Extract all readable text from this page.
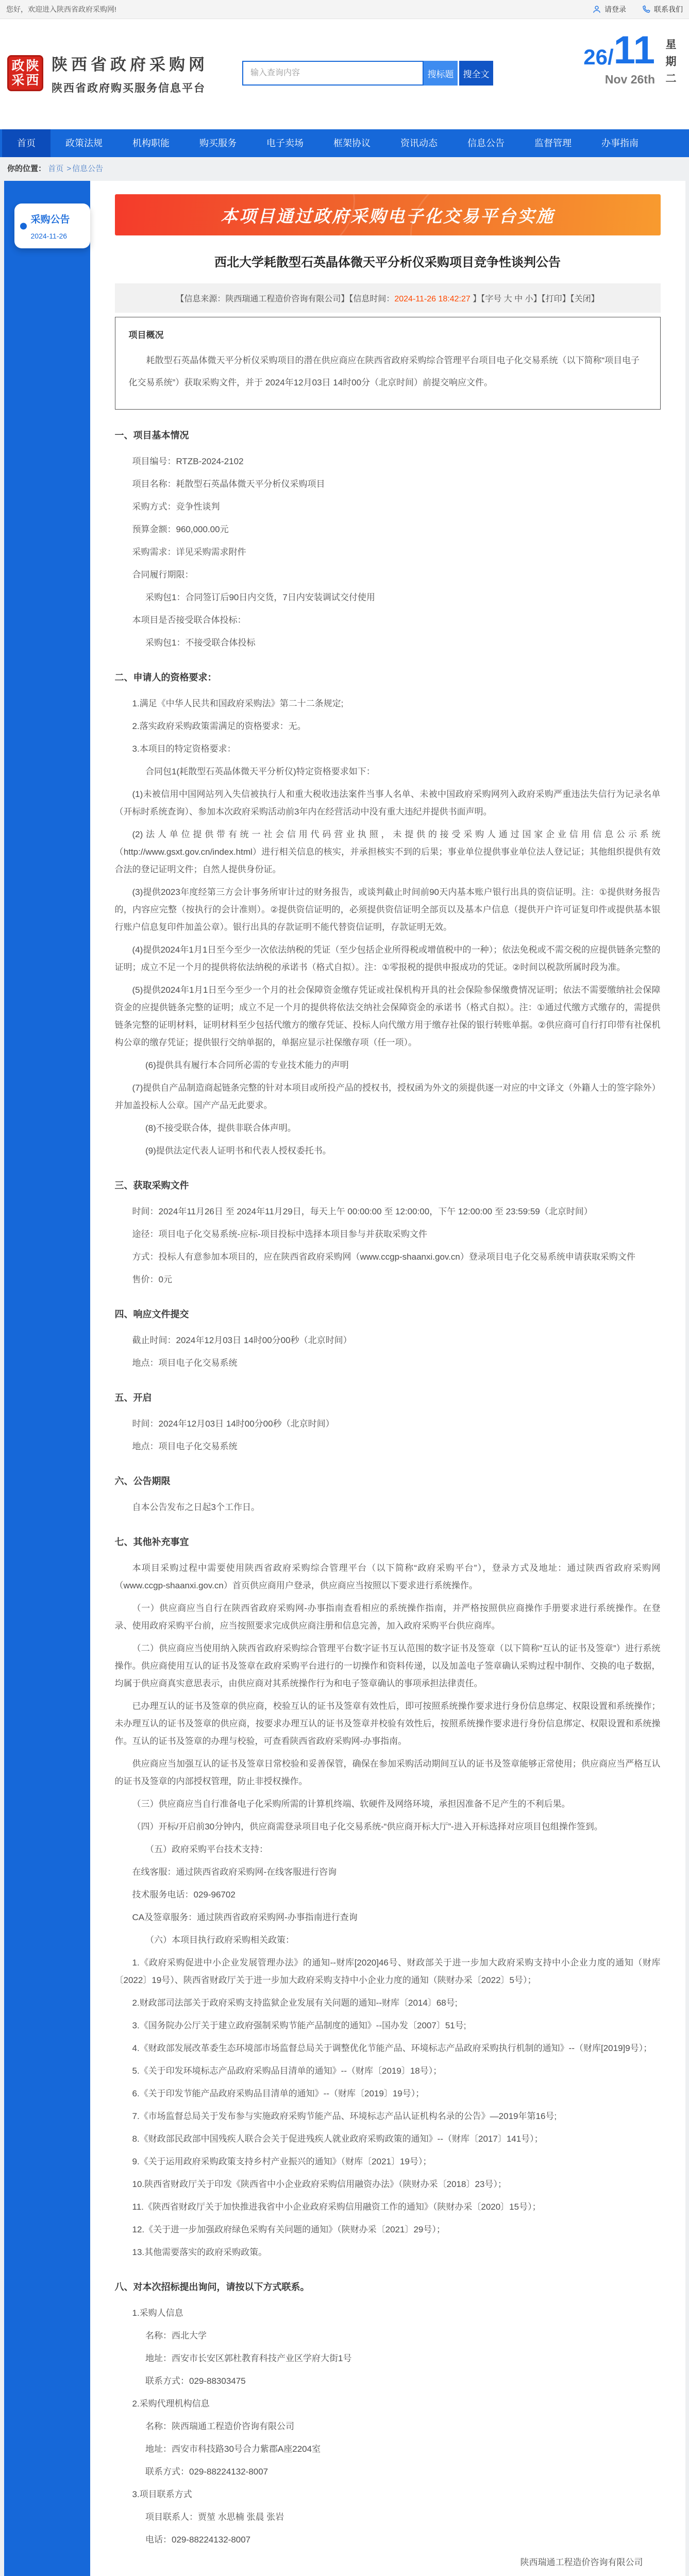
您好，欢迎进入陕西省政府采购网!	请登录	联系我们
政 陕
采 西
陕西省政府采购网
陕西省政府购买服务信息平台
输入查询内容
搜标题	搜全文
26 / 11
Nov 26th 星期二
首页	政策法规	机构职能	购买服务	电子卖场	框架协议	资讯动态	信息公告	监督管理	办事指南
你的位置： 首页 > 信息公告
采购公告
2024-11-26
本项目通过政府采购电子化交易平台实施
西北大学耗散型石英晶体微天平分析仪采购项目竞争性谈判公告
【信息来源：陕西瑞通工程造价咨询有限公司】【信息时间：2024-11-26 18:42:27 】【字号 大 中 小】【打印】【关闭】
项目概况

耗散型石英晶体微天平分析仪采购项目的潜在供应商应在陕西省政府采购综合管理平台项目电子化交易系统（以下简称“项目电子化交易系统”）获取采购文件，并于 2024年12月03日 14时00分（北京时间）前提交响应文件。

一、项目基本情况

项目编号：RTZB-2024-2102

项目名称：耗散型石英晶体微天平分析仪采购项目

采购方式：竞争性谈判

预算金额：960,000.00元

采购需求：详见采购需求附件

合同履行期限：

采购包1：合同签订后90日内交货，7日内安装调试交付使用

本项目是否接受联合体投标：

采购包1：不接受联合体投标

二、申请人的资格要求：

1.满足《中华人民共和国政府采购法》第二十二条规定;

2.落实政府采购政策需满足的资格要求：无。

3.本项目的特定资格要求：

合同包1(耗散型石英晶体微天平分析仪)特定资格要求如下：

(1)未被信用中国网站列入失信被执行人和重大税收违法案件当事人名单、未被中国政府采购网列入政府采购严重违法失信行为记录名单（开标时系统查询）、参加本次政府采购活动前3年内在经营活动中没有重大违纪并提供书面声明。

(2)法人单位提供带有统一社会信用代码营业执照，未提供的接受采购人通过国家企业信用信息公示系统（http://www.gsxt.gov.cn/index.html）进行相关信息的核实，并承担核实不到的后果；事业单位提供事业单位法人登记证；其他组织提供有效合法的登记证明文件；自然人提供身份证。

(3)提供2023年度经第三方会计事务所审计过的财务报告，或谈判截止时间前90天内基本账户银行出具的资信证明。注：①提供财务报告的，内容应完整（按执行的会计准则）。②提供资信证明的，必须提供资信证明全部页以及基本户信息（提供开户许可证复印件或提供基本银行账户信息复印件加盖公章）。银行出具的存款证明不能代替资信证明，存款证明无效。

(4)提供2024年1月1日至今至少一次依法纳税的凭证（至少包括企业所得税或增值税中的一种）；依法免税或不需交税的应提供链条完整的证明；成立不足一个月的提供将依法纳税的承诺书（格式自拟）。注：①零报税的提供申报成功的凭证。②时间以税款所属时段为准。

(5)提供2024年1月1日至今至少一个月的社会保障资金缴存凭证或社保机构开具的社会保险参保缴费情况证明；依法不需要缴纳社会保障资金的应提供链条完整的证明；成立不足一个月的提供将依法交纳社会保障资金的承诺书（格式自拟）。注：①通过代缴方式缴存的，需提供链条完整的证明材料，证明材料至少包括代缴方的缴存凭证、投标人向代缴方用于缴存社保的银行转账单据。②供应商可自行打印带有社保机构公章的缴存凭证；提供银行交纳单据的，单据应显示社保缴存项（任一项）。

(6)提供具有履行本合同所必需的专业技术能力的声明

(7)提供自产品制造商起链条完整的针对本项目或所投产品的授权书，授权函为外文的须提供逐一对应的中文译文（外籍人士的签字除外）并加盖投标人公章。国产产品无此要求。

(8)不接受联合体，提供非联合体声明。

(9)提供法定代表人证明书和代表人授权委托书。

三、获取采购文件

时间：2024年11月26日 至 2024年11月29日，每天上午 00:00:00 至 12:00:00，下午 12:00:00 至 23:59:59（北京时间）

途径：项目电子化交易系统-应标-项目投标中选择本项目参与并获取采购文件

方式：投标人有意参加本项目的，应在陕西省政府采购网（www.ccgp-shaanxi.gov.cn）登录项目电子化交易系统申请获取采购文件

售价：0元

四、响应文件提交

截止时间：2024年12月03日 14时00分00秒（北京时间）

地点：项目电子化交易系统

五、开启

时间：2024年12月03日 14时00分00秒（北京时间）

地点：项目电子化交易系统

六、公告期限

自本公告发布之日起3个工作日。

七、其他补充事宜

本项目采购过程中需要使用陕西省政府采购综合管理平台（以下简称“政府采购平台”），登录方式及地址：通过陕西省政府采购网（www.ccgp-shaanxi.gov.cn）首页供应商用户登录，供应商应当按照以下要求进行系统操作。

（一）供应商应当自行在陕西省政府采购网-办事指南查看相应的系统操作指南，并严格按照供应商操作手册要求进行系统操作。在登录、使用政府采购平台前，应当按照要求完成供应商注册和信息完善，加入政府采购平台供应商库。

（二）供应商应当使用纳入陕西省政府采购综合管理平台数字证书互认范围的数字证书及签章（以下简称“互认的证书及签章”）进行系统操作。供应商使用互认的证书及签章在政府采购平台进行的一切操作和资料传递，以及加盖电子签章确认采购过程中制作、交换的电子数据，均属于供应商真实意思表示，由供应商对其系统操作行为和电子签章确认的事项承担法律责任。

已办理互认的证书及签章的供应商，校验互认的证书及签章有效性后，即可按照系统操作要求进行身份信息绑定、权限设置和系统操作；未办理互认的证书及签章的供应商，按要求办理互认的证书及签章并校验有效性后，按照系统操作要求进行身份信息绑定、权限设置和系统操作。互认的证书及签章的办理与校验，可查看陕西省政府采购网-办事指南。

供应商应当加强互认的证书及签章日常校验和妥善保管，确保在参加采购活动期间互认的证书及签章能够正常使用；供应商应当严格互认的证书及签章的内部授权管理，防止非授权操作。

（三）供应商应当自行准备电子化采购所需的计算机终端、软硬件及网络环境，承担因准备不足产生的不利后果。

（四）开标/开启前30分钟内，供应商需登录项目电子化交易系统-“供应商开标大厅”-进入开标选择对应项目包组操作签到。

（五）政府采购平台技术支持：

在线客服：通过陕西省政府采购网-在线客服进行咨询

技术服务电话：029-96702

CA及签章服务：通过陕西省政府采购网-办事指南进行查询

（六）本项目执行政府采购相关政策：

1.《政府采购促进中小企业发展管理办法》的通知--财库[2020]46号、财政部关于进一步加大政府采购支持中小企业力度的通知（财库〔2022〕19号）、陕西省财政厅关于进一步加大政府采购支持中小企业力度的通知（陕财办采〔2022〕5号）；

2.财政部司法部关于政府采购支持监狱企业发展有关问题的通知--财库〔2014〕68号;

3.《国务院办公厅关于建立政府强制采购节能产品制度的通知》--国办发〔2007〕51号;

4.《财政部发展改革委生态环境部市场监督总局关于调整优化节能产品、环境标志产品政府采购执行机制的通知》--（财库[2019]9号）；

5.《关于印发环境标志产品政府采购品目清单的通知》--（财库〔2019〕18号）；

6.《关于印发节能产品政府采购品目清单的通知》--（财库〔2019〕19号）；

7.《市场监督总局关于发布参与实施政府采购节能产品、环境标志产品认证机构名录的公告》—2019年第16号;

8.《财政部民政部中国残疾人联合会关于促进残疾人就业政府采购政策的通知》--（财库〔2017〕141号）；

9.《关于运用政府采购政策支持乡村产业振兴的通知》（财库〔2021〕19号）；

10.陕西省财政厅关于印发《陕西省中小企业政府采购信用融资办法》（陕财办采〔2018〕23号）；

11.《陕西省财政厅关于加快推进我省中小企业政府采购信用融资工作的通知》（陕财办采〔2020〕15号）；

12.《关于进一步加强政府绿色采购有关问题的通知》（陕财办采〔2021〕29号）；

13.其他需要落实的政府采购政策。

八、对本次招标提出询问，请按以下方式联系。

1.采购人信息

名称：西北大学

地址：西安市长安区郭杜教育科技产业区学府大街1号

联系方式：029-88303475

2.采购代理机构信息

名称：陕西瑞通工程造价咨询有限公司

地址：西安市科技路30号合力紫郡A座2204室

联系方式：029-88224132-8007

3.项目联系方式

项目联系人：贾堃 水思楠 张晨 张岩

电话：029-88224132-8007

陕西瑞通工程造价咨询有限公司
